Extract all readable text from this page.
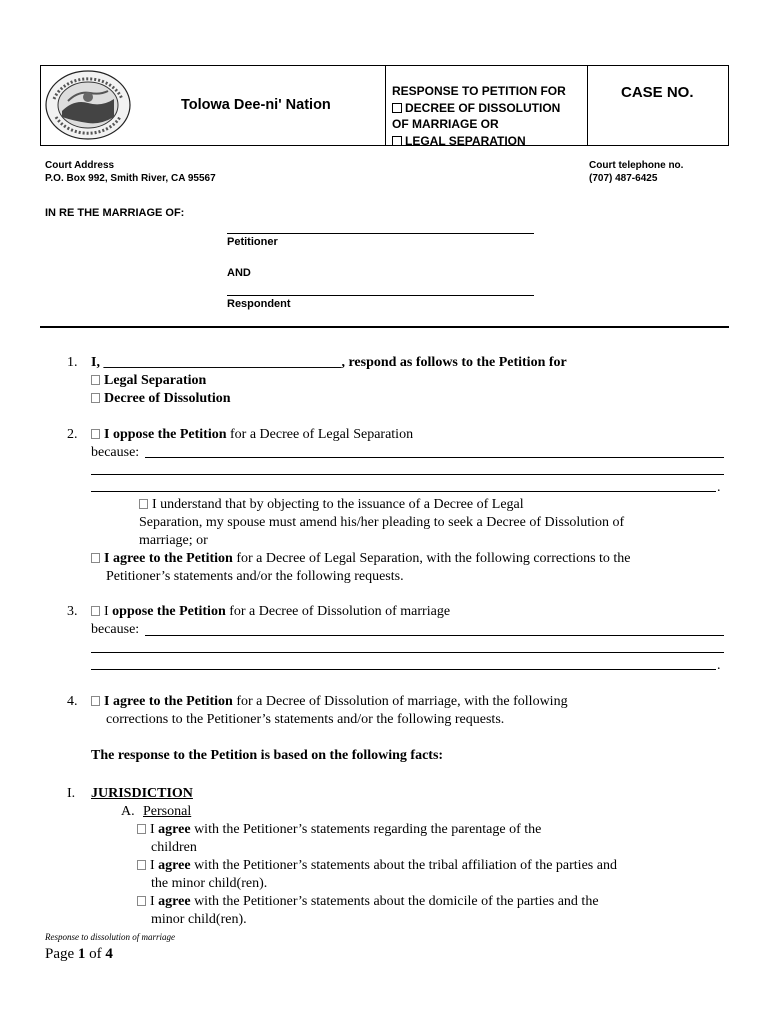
Tolowa Dee-ni' Nation
RESPONSE TO PETITION FOR
DECREE OF DISSOLUTION
OF MARRIAGE OR
LEGAL SEPARATION
CASE NO.
Court Address
P.O. Box 992, Smith River, CA 95567
Court telephone no.
(707) 487-6425
IN RE THE MARRIAGE OF:
Petitioner
AND
Respondent
1. I, __________________________________, respond as follows to the Petition for
Legal Separation
Decree of Dissolution
2.	I oppose the Petition for a Decree of Legal Separation
because:
.
I understand that by objecting to the issuance of a Decree of Legal
Separation, my spouse must amend his/her pleading to seek a Decree of Dissolution of
marriage; or
I agree to the Petition for a Decree of Legal Separation, with the following corrections to the
Petitioner’s statements and/or the following requests.
3.	I oppose the Petition for a Decree of Dissolution of marriage
because:
.
4.	I agree to the Petition for a Decree of Dissolution of marriage, with the following
corrections to the Petitioner’s statements and/or the following requests.
The response to the Petition is based on the following facts:
I. JURISDICTION
A. Personal
I agree with the Petitioner’s statements regarding the parentage of the
children
I agree with the Petitioner’s statements about the tribal affiliation of the parties and
the minor child(ren).
I agree with the Petitioner’s statements about the domicile of the parties and the
minor child(ren).
Response to dissolution of marriage
Page 1 of 4
